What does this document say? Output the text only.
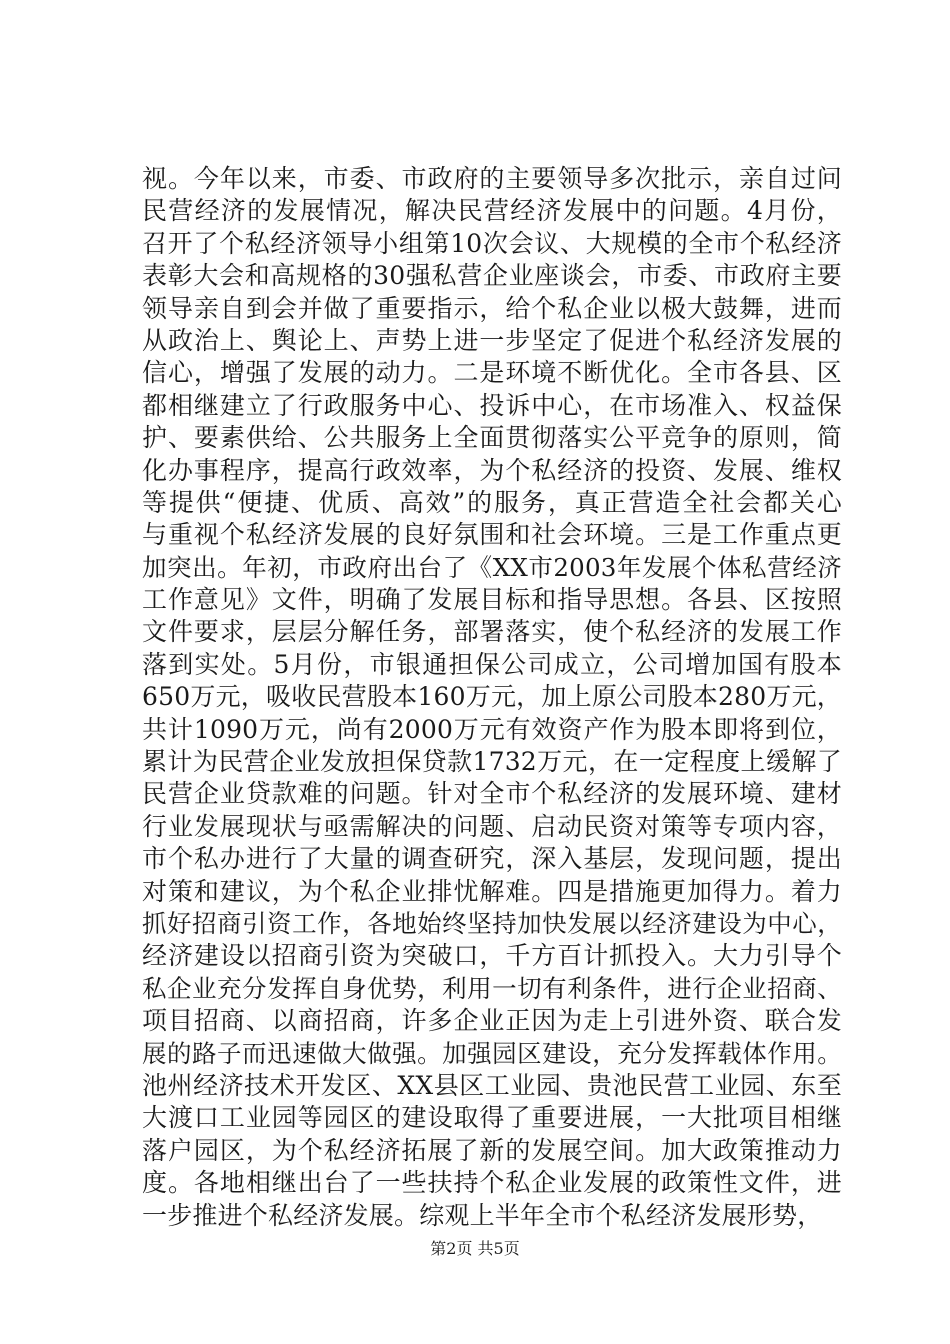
视。今年以来，市委、市政府的主要领导多次批示，亲自过问
民营经济的发展情况，解决民营经济发展中的问题。4月份，
召开了个私经济领导小组第10次会议、大规模的全市个私经济
表彰大会和高规格的30强私营企业座谈会，市委、市政府主要
领导亲自到会并做了重要指示，给个私企业以极大鼓舞，进而
从政治上、舆论上、声势上进一步坚定了促进个私经济发展的
信心，增强了发展的动力。二是环境不断优化。全市各县、区
都相继建立了行政服务中心、投诉中心，在市场准入、权益保
护、要素供给、公共服务上全面贯彻落实公平竞争的原则，简
化办事程序，提高行政效率，为个私经济的投资、发展、维权
等提供“便捷、优质、高效”的服务，真正营造全社会都关心
与重视个私经济发展的良好氛围和社会环境。三是工作重点更
加突出。年初，市政府出台了《XX市2003年发展个体私营经济
工作意见》文件，明确了发展目标和指导思想。各县、区按照
文件要求，层层分解任务，部署落实，使个私经济的发展工作
落到实处。5月份，市银通担保公司成立，公司增加国有股本
650万元，吸收民营股本160万元，加上原公司股本280万元，
共计1090万元，尚有2000万元有效资产作为股本即将到位，
累计为民营企业发放担保贷款1732万元，在一定程度上缓解了
民营企业贷款难的问题。针对全市个私经济的发展环境、建材
行业发展现状与亟需解决的问题、启动民资对策等专项内容，
市个私办进行了大量的调查研究，深入基层，发现问题，提出
对策和建议，为个私企业排忧解难。四是措施更加得力。着力
抓好招商引资工作，各地始终坚持加快发展以经济建设为中心，
经济建设以招商引资为突破口，千方百计抓投入。大力引导个
私企业充分发挥自身优势，利用一切有利条件，进行企业招商、
项目招商、以商招商，许多企业正因为走上引进外资、联合发
展的路子而迅速做大做强。加强园区建设，充分发挥载体作用。
池州经济技术开发区、XX县区工业园、贵池民营工业园、东至
大渡口工业园等园区的建设取得了重要进展，一大批项目相继
落户园区，为个私经济拓展了新的发展空间。加大政策推动力
度。各地相继出台了一些扶持个私企业发展的政策性文件，进
一步推进个私经济发展。综观上半年全市个私经济发展形势，
第2页 共5页
